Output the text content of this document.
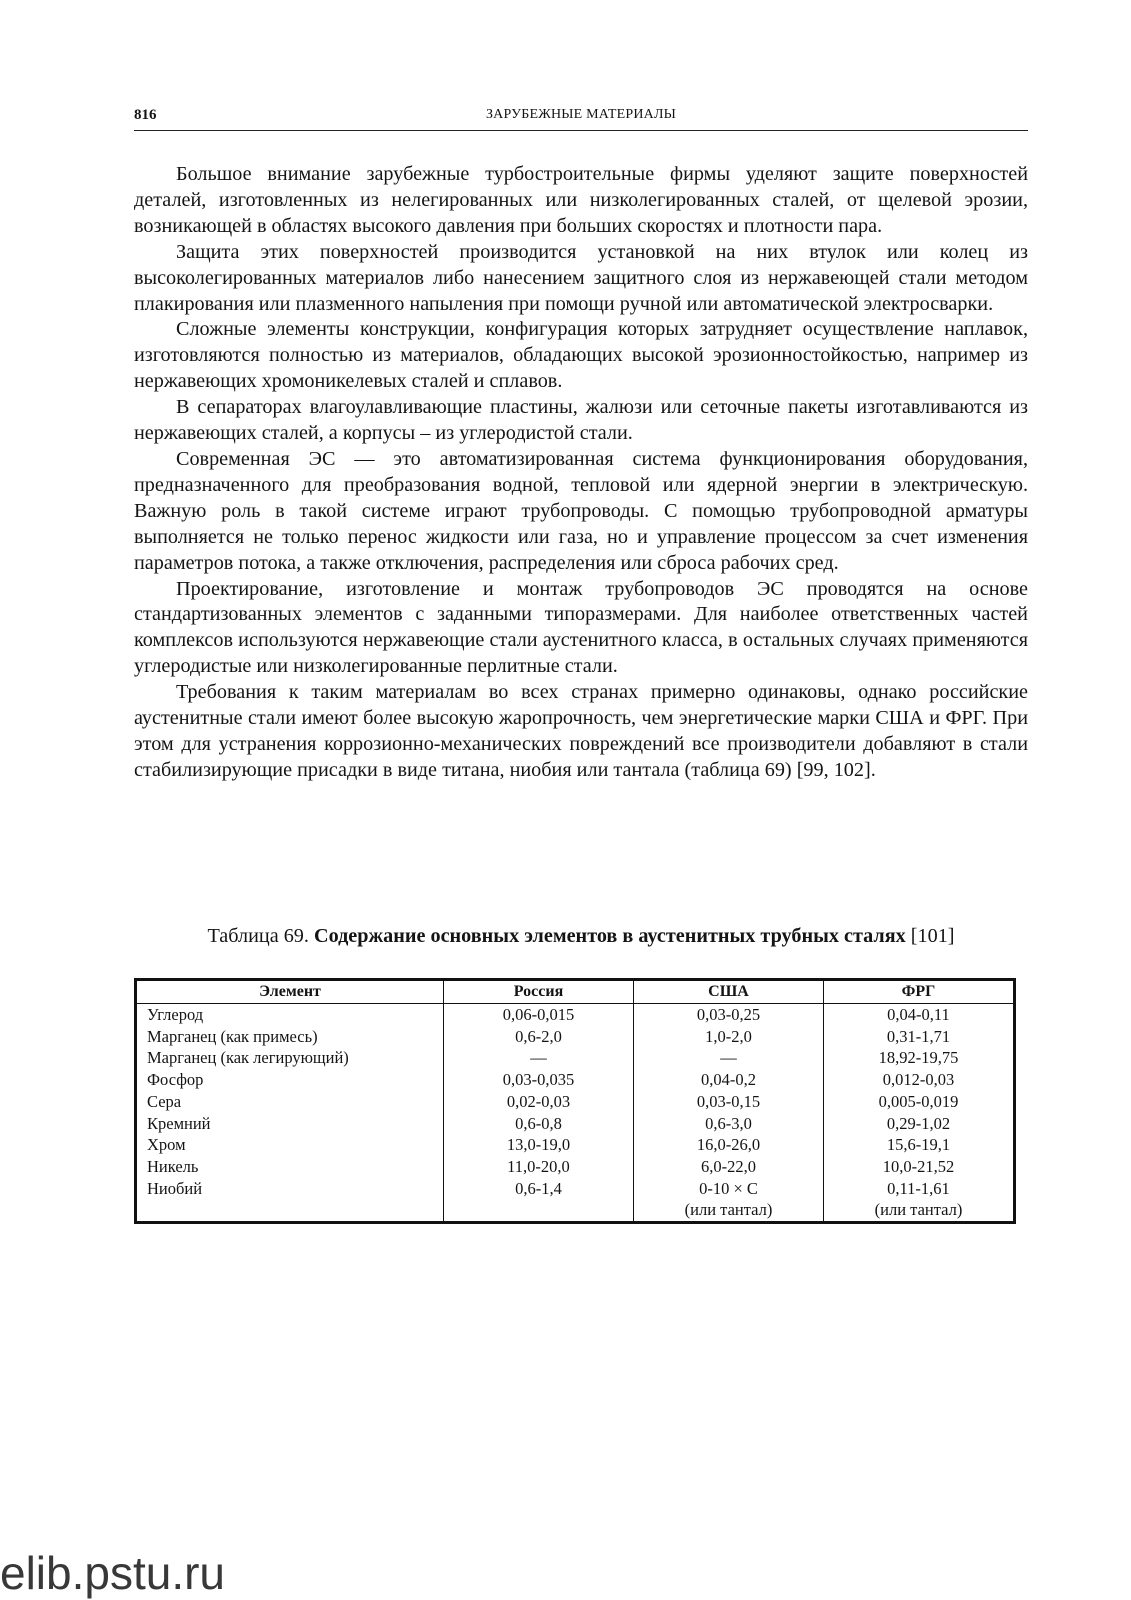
816	ЗАРУБЕЖНЫЕ МАТЕРИАЛЫ

Большое внимание зарубежные турбостроительные фирмы уделяют защите поверхностей деталей, изготовленных из нелегированных или низколегированных сталей, от щелевой эрозии, возникающей в областях высокого давления при больших скоростях и плотности пара.

Защита этих поверхностей производится установкой на них втулок или колец из высоколегированных материалов либо нанесением защитного слоя из нержавеющей стали методом плакирования или плазменного напыления при помощи ручной или автоматической электросварки.

Сложные элементы конструкции, конфигурация которых затрудняет осуществление наплавок, изготовляются полностью из материалов, обладающих высокой эрозионностойкостью, например из нержавеющих хромоникелевых сталей и сплавов.

В сепараторах влагоулавливающие пластины, жалюзи или сеточные пакеты изготавливаются из нержавеющих сталей, а корпусы – из углеродистой стали.

Современная ЭС — это автоматизированная система функционирования оборудования, предназначенного для преобразования водной, тепловой или ядерной энергии в электрическую. Важную роль в такой системе играют трубопроводы. С помощью трубопроводной арматуры выполняется не только перенос жидкости или газа, но и управление процессом за счет изменения параметров потока, а также отключения, распределения или сброса рабочих сред.

Проектирование, изготовление и монтаж трубопроводов ЭС проводятся на основе стандартизованных элементов с заданными типоразмерами. Для наиболее ответственных частей комплексов используются нержавеющие стали аустенитного класса, в остальных случаях применяются углеродистые или низколегированные перлитные стали.

Требования к таким материалам во всех странах примерно одинаковы, однако российские аустенитные стали имеют более высокую жаропрочность, чем энергетические марки США и ФРГ. При этом для устранения коррозионно-механических повреждений все производители добавляют в стали стабилизирующие присадки в виде титана, ниобия или тантала (таблица 69) [99, 102].

Таблица 69. Содержание основных элементов в аустенитных трубных сталях [101]
Элемент	Россия	США	ФРГ
Углерод	0,06-0,015	0,03-0,25	0,04-0,11
Марганец (как примесь)	0,6-2,0	1,0-2,0	0,31-1,71
Марганец (как легирующий)	—	—	18,92-19,75
Фосфор	0,03-0,035	0,04-0,2	0,012-0,03
Сера	0,02-0,03	0,03-0,15	0,005-0,019
Кремний	0,6-0,8	0,6-3,0	0,29-1,02
Хром	13,0-19,0	16,0-26,0	15,6-19,1
Никель	11,0-20,0	6,0-22,0	10,0-21,52
Ниобий	0,6-1,4	0-10 × С	0,11-1,61
		(или тантал)	(или тантал)
elib.pstu.ru
